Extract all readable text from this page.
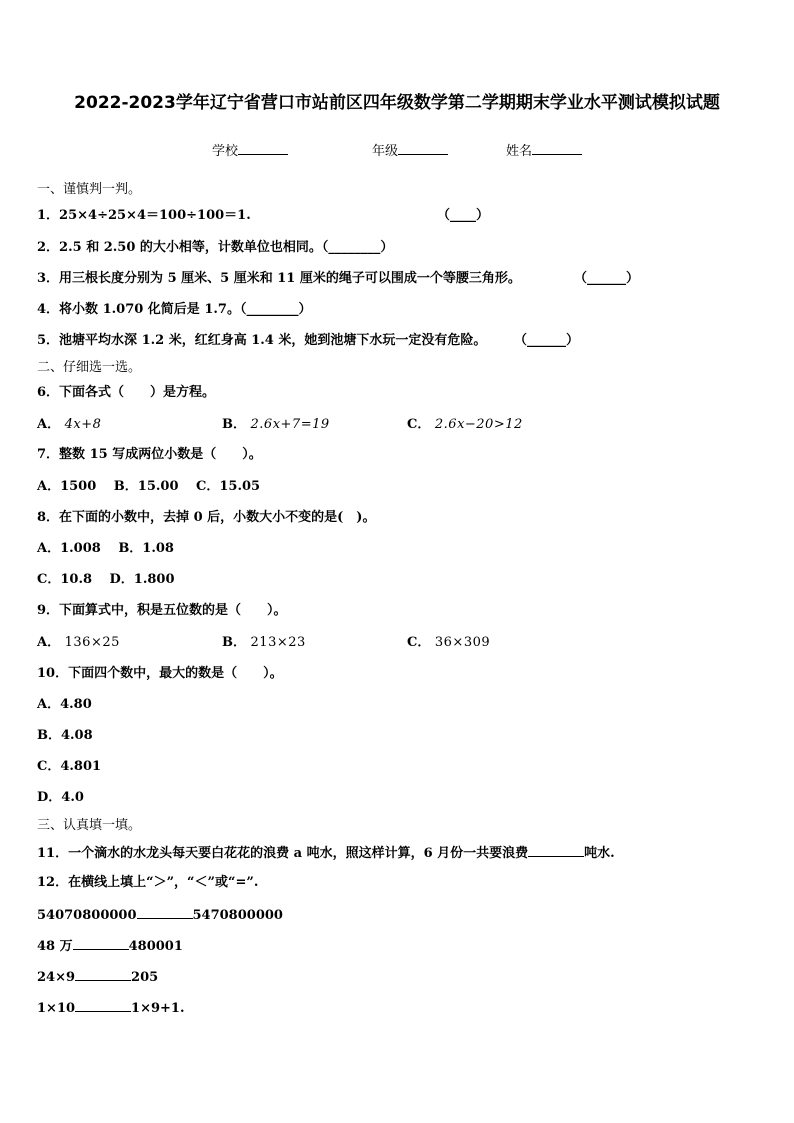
2022-2023学年辽宁省营口市站前区四年级数学第二学期期末学业水平测试模拟试题
学校	年级	姓名
一、谨慎判一判。
1．25×4÷25×4＝100÷100＝1.	（____）
2．2.5 和 2.50 的大小相等，计数单位也相同。（________）
3．用三根长度分别为 5 厘米、5 厘米和 11 厘米的绳子可以围成一个等腰三角形。	（______）
4．将小数 1.070 化简后是 1.7。（________）
5．池塘平均水深 1.2 米，红红身高 1.4 米，她到池塘下水玩一定没有危险。 （______）
二、仔细选一选。
6．下面各式（　　）是方程。
A． 4x+8	B． 2.6x+7=19	C． 2.6x−20>12
7．整数 15 写成两位小数是（　　）。
A．1500　 B．15.00　 C．15.05
8．在下面的小数中，去掉 0 后，小数大小不变的是(　)。
A．1.008　 B．1.08
C．10.8　 D．1.800
9．下面算式中，积是五位数的是（　　）。
A． 136×25	B． 213×23	C． 36×309
10．下面四个数中，最大的数是（　　）。
A．4.80
B．4.08
C．4.801
D．4.0
三、认真填一填。
11．一个滴水的水龙头每天要白花花的浪费 a 吨水，照这样计算，6 月份一共要浪费	吨水.
12．在横线上填上“＞”，“＜”或“=”.
54070800000	5470800000
48 万	480001
24×9	205
1×10	1×9+1.
